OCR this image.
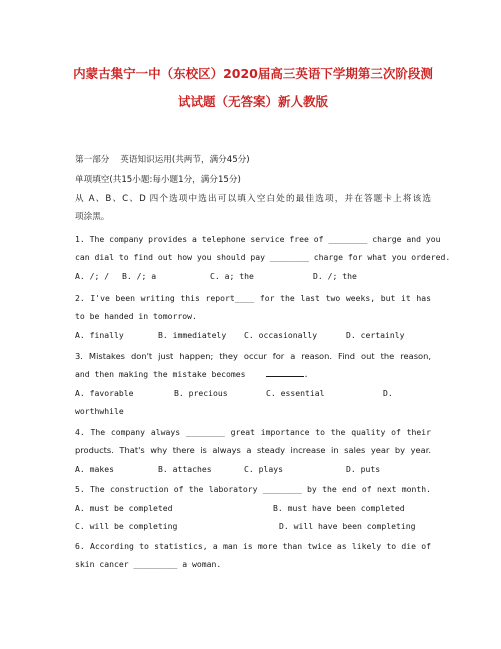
内蒙古集宁一中（东校区）2020届高三英语下学期第三次阶段测
试试题（无答案）新人教版
第一部分    英语知识运用(共两节，满分45分)
单项填空(共15小题:每小题1分，满分15分)
从 A、B、C、D 四个选项中选出可以填入空白处的最佳选项，并在答题卡上将该选
项涂黑。
1. The company provides a telephone service free of ________ charge and you
can dial to find out how you should pay ________ charge for what you ordered.
A. /; / B. /; a	C. a; the	D. /; the
2. I've been writing this report____ for the last two weeks, but it has
to be handed in tomorrow.
A. finally	B. immediately C. occasionally	D. certainly
3. Mistakes don't just happen; they occur for a reason. Find out the reason,
and then making the mistake becomes	.
A. favorable	B. precious	C. essential	D.
worthwhile
4. The company always ________ great importance to the quality of their
products. That's why there is always a steady increase in sales year by year.
A. makes	B. attaches	C. plays	D. puts
5. The construction of the laboratory ________ by the end of next month.
A. must be completed	B. must have been completed
C. will be completing	D. will have been completing
6. According to statistics, a man is more than twice as likely to die of
skin cancer _________ a woman.
